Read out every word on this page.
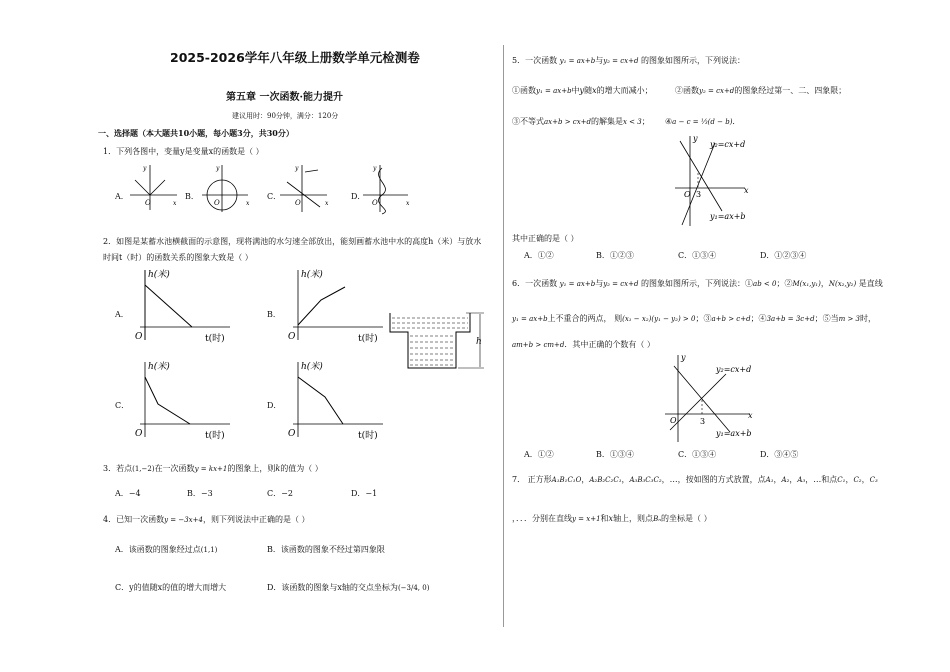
2025-2026学年八年级上册数学单元检测卷
第五章 一次函数·能力提升
建议用时：90分钟，满分：120分
一、选择题（本大题共10小题，每小题3分，共30分）
1．下列各图中，变量y是变量x的函数是（ ）
A．	B．	C．	D．
O	x
y
O	x
y
O	x
y
O	x
y
2．如图是某蓄水池横截面的示意图，现将满池的水匀速全部放出，能刻画蓄水池中水的高度h（米）与放水
时间t（时）的函数关系的图象大致是（ ）
A．	B．
C．	D．
h(米)
O	t(时)
h(米)
O	t(时)
h(米)
O	t(时)
h(米)
O	t(时)
h
3．若点(1,−2)在一次函数y = kx+1的图象上，则k的值为（ ）
A．−4	B．−3	C．−2	D．−1
4．已知一次函数y = −3x+4，则下列说法中正确的是（ ）
A．该函数的图象经过点(1,1)	B．该函数的图象不经过第四象限
C．y的值随x的值的增大而增大	D．该函数的图象与x轴的交点坐标为(−3/4, 0)
5．一次函数 y₁ = ax+b与y₂ = cx+d 的图象如图所示，下列说法：
①函数y₁ = ax+b中y随x的增大而减小；	②函数y₂ = cx+d的图象经过第一、二、四象限；
③不等式ax+b > cx+d的解集是x < 3； ④a − c = ⅓(d − b)．
y₂=cx+d
y₁=ax+b
O 3	x
y
其中正确的是（ ）
A．①②	B．①②③	C．①③④	D．①②③④
6．一次函数 y₁ = ax+b与y₂ = cx+d 的图象如图所示，下列说法：①ab < 0；②M(x₁,y₁)，N(x₂,y₂) 是直线
y₁ = ax+b上不重合的两点， 则(x₁ − x₂)(y₁ − y₂) > 0；③a+b > c+d；④3a+b = 3c+d；⑤当m > 3时，
am+b > cm+d．其中正确的个数有（ ）
y₂=cx+d
y₁=ax+b
O	3
x
y
A．①②	B．①③④	C．①③④	D．③④⑤
7． 正方形A₁B₁C₁O，A₂B₂C₂C₁，A₃B₃C₃C₂，…，按如图的方式放置，点A₁，A₂，A₃，…和点C₁，C₂，C₃
，．．．分别在直线y = x+1和x轴上，则点Bₙ的坐标是（ ）
